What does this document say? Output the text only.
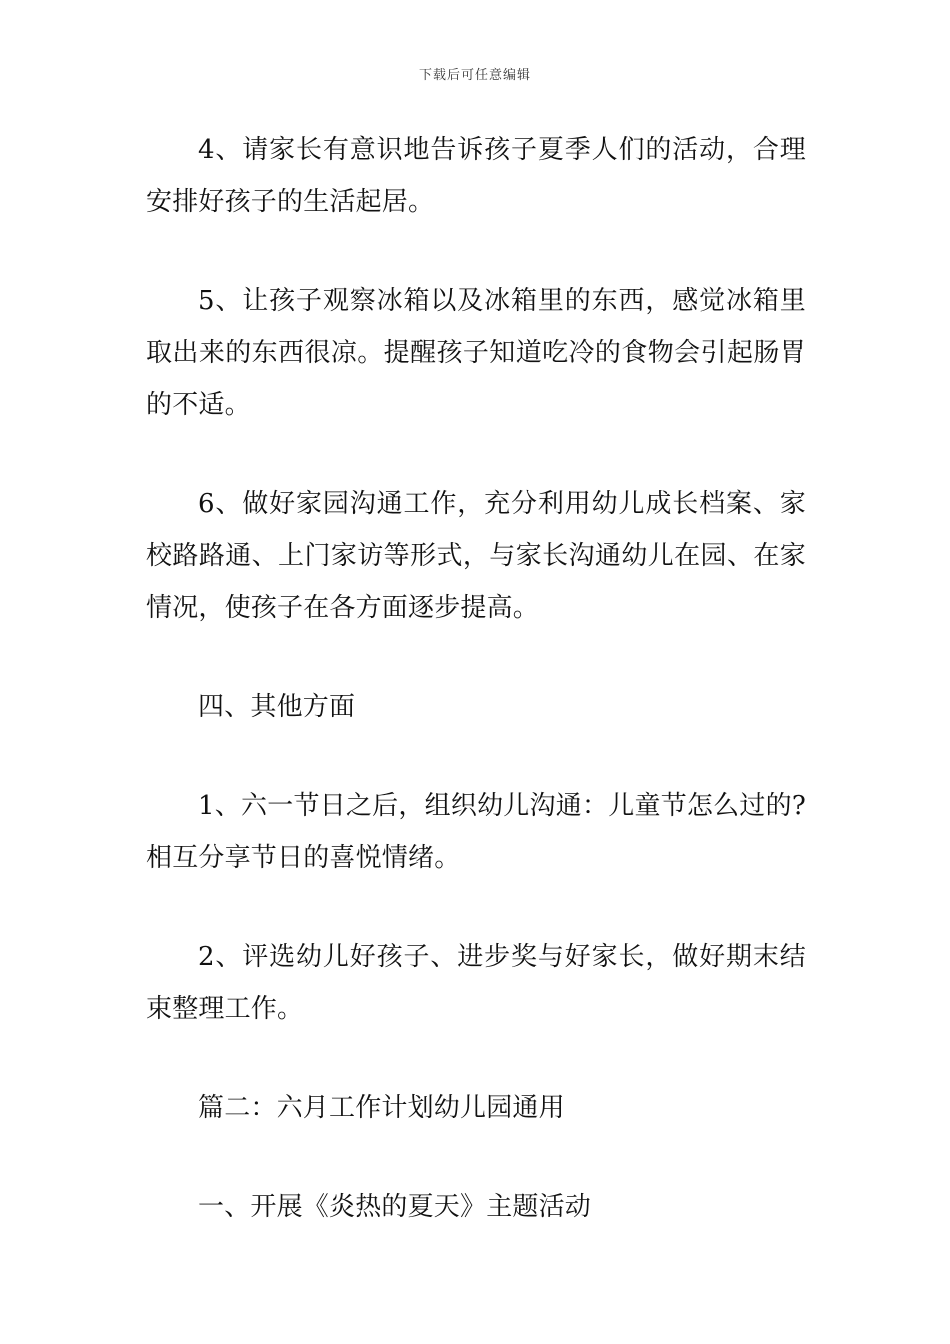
下载后可任意编辑

4、请家长有意识地告诉孩子夏季人们的活动，合理安排好孩子的生活起居。

5、让孩子观察冰箱以及冰箱里的东西，感觉冰箱里取出来的东西很凉。提醒孩子知道吃冷的食物会引起肠胃的不适。

6、做好家园沟通工作，充分利用幼儿成长档案、家校路路通、上门家访等形式，与家长沟通幼儿在园、在家情况，使孩子在各方面逐步提高。

四、其他方面

1、六一节日之后，组织幼儿沟通：儿童节怎么过的?相互分享节日的喜悦情绪。

2、评选幼儿好孩子、进步奖与好家长，做好期末结束整理工作。

篇二：六月工作计划幼儿园通用

一、开展《炎热的夏天》主题活动
